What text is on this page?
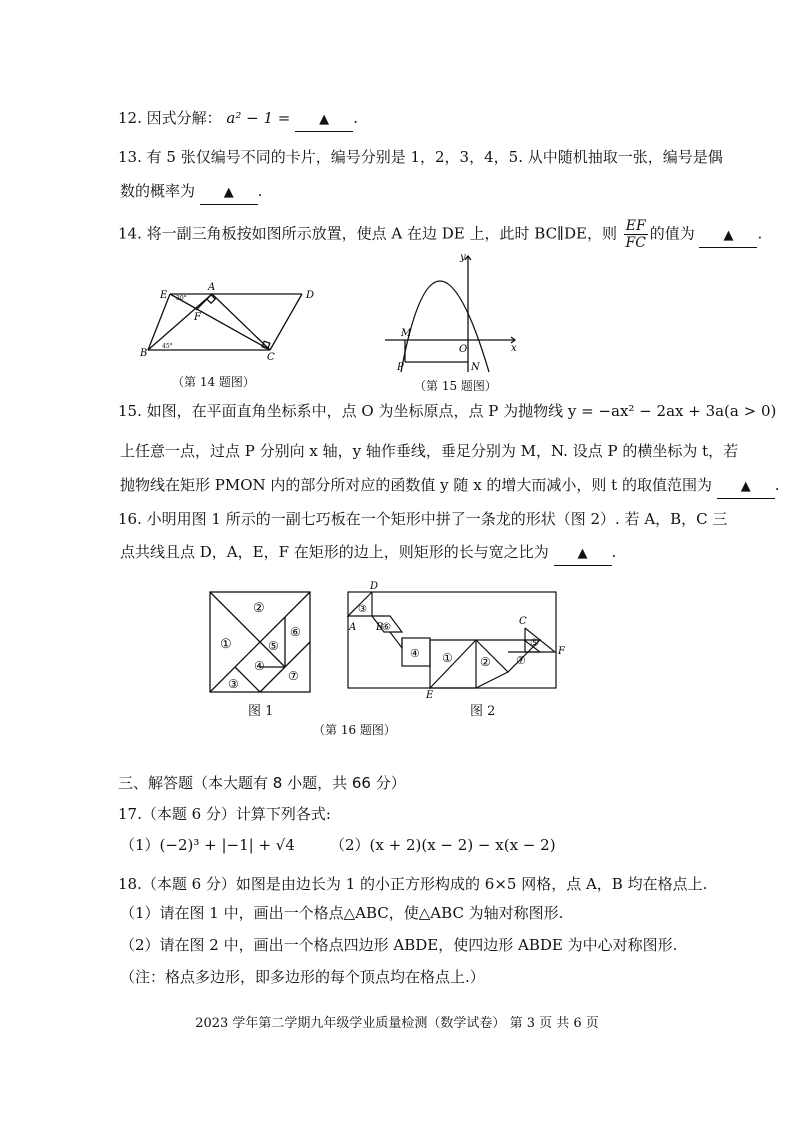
12. 因式分解： a² − 1 = ▲ .
13. 有 5 张仅编号不同的卡片，编号分别是 1，2，3，4，5. 从中随机抽取一张，编号是偶
数的概率为 ▲ .
14. 将一副三角板按如图所示放置，使点 A 在边 DE 上，此时 BC∥DE，则 $\frac{EF}{FC}$ 的值为 ▲ .
E
A
D
F
B	C
30°
45°
（第 14 题图）
y
x
M
O
P	N
（第 15 题图）
15. 如图，在平面直角坐标系中，点 O 为坐标原点，点 P 为抛物线 y = −ax² − 2ax + 3a(a > 0)
上任意一点，过点 P 分别向 x 轴，y 轴作垂线，垂足分别为 M，N. 设点 P 的横坐标为 t，若
抛物线在矩形 PMON 内的部分所对应的函数值 y 随 x 的增大而减小，则 t 的取值范围为 ▲ .
16. 小明用图 1 所示的一副七巧板在一个矩形中拼了一条龙的形状（图 2）. 若 A，B，C 三
点共线且点 D，A，E，F 在矩形的边上，则矩形的长与宽之比为 ▲ .
①
②
③
④
⑤
⑥
⑦
图 1
③
⑥
④ ① ② ⑦
⑤
D
A B
C
E
F
图 2
（第 16 题图）
三、解答题（本大题有 8 小题，共 66 分）
17.（本题 6 分）计算下列各式:
（1）(−2)³ + |−1| + √4 （2）(x + 2)(x − 2) − x(x − 2)
18.（本题 6 分）如图是由边长为 1 的小正方形构成的 6×5 网格，点 A，B 均在格点上.
（1）请在图 1 中，画出一个格点△ABC，使△ABC 为轴对称图形.
（2）请在图 2 中，画出一个格点四边形 ABDE，使四边形 ABDE 为中心对称图形.
（注：格点多边形，即多边形的每个顶点均在格点上.）
2023 学年第二学期九年级学业质量检测（数学试卷） 第 3 页 共 6 页
